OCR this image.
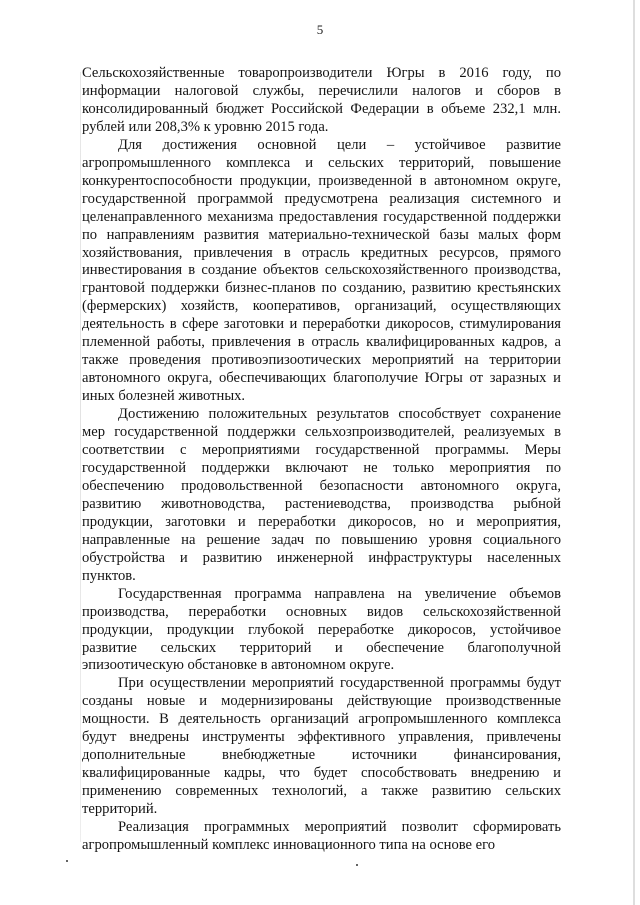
5

Сельскохозяйственные товаропроизводители Югры в 2016 году, по информации налоговой службы, перечислили налогов и сборов в консолидированный бюджет Российской Федерации в объеме 232,1 млн. рублей или 208,3% к уровню 2015 года.

Для достижения основной цели – устойчивое развитие агропромышленного комплекса и сельских территорий, повышение конкурентоспособности продукции, произведенной в автономном округе, государственной программой предусмотрена реализация системного и целенаправленного механизма предоставления государственной поддержки по направлениям развития материально-технической базы малых форм хозяйствования, привлечения в отрасль кредитных ресурсов, прямого инвестирования в создание объектов сельскохозяйственного производства, грантовой поддержки бизнес-планов по созданию, развитию крестьянских (фермерских) хозяйств, кооперативов, организаций, осуществляющих деятельность в сфере заготовки и переработки дикоросов, стимулирования племенной работы, привлечения в отрасль квалифицированных кадров, а также проведения противоэпизоотических мероприятий на территории автономного округа, обеспечивающих благополучие Югры от заразных и иных болезней животных.

Достижению положительных результатов способствует сохранение мер государственной поддержки сельхозпроизводителей, реализуемых в соответствии с мероприятиями государственной программы. Меры государственной поддержки включают не только мероприятия по обеспечению продовольственной безопасности автономного округа, развитию животноводства, растениеводства, производства рыбной продукции, заготовки и переработки дикоросов, но и мероприятия, направленные на решение задач по повышению уровня социального обустройства и развитию инженерной инфраструктуры населенных пунктов.

Государственная программа направлена на увеличение объемов производства, переработки основных видов сельскохозяйственной продукции, продукции глубокой переработке дикоросов, устойчивое развитие сельских территорий и обеспечение благополучной эпизоотическую обстановке в автономном округе.

При осуществлении мероприятий государственной программы будут созданы новые и модернизированы действующие производственные мощности. В деятельность организаций агропромышленного комплекса будут внедрены инструменты эффективного управления, привлечены дополнительные внебюджетные источники финансирования, квалифицированные кадры, что будет способствовать внедрению и применению современных технологий, а также развитию сельских территорий.

Реализация программных мероприятий позволит сформировать агропромышленный комплекс инновационного типа на основе его
